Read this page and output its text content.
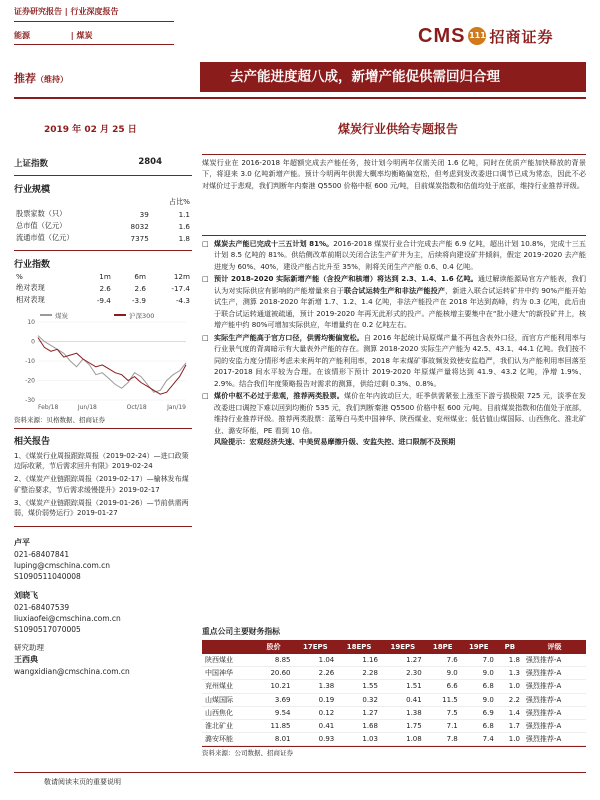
证券研究报告 | 行业深度报告
能源	| 煤炭	CMS 111 招商证券
推荐（维持）	去产能进度超八成，新增产能促供需回归合理
2019 年 02 月 25 日	煤炭行业供给专题报告
上证指数	2804
行业规模
		占比%
股票家数（只）	39	1.1
总市值（亿元）	8032	1.6
流通市值（亿元）	7375	1.8
行业指数
%	1m	6m	12m
绝对表现	2.6	2.6	-17.4
相对表现	-9.4	-3.9	-4.3
10
0
-10
-20
-30
煤炭	沪深300
Feb/18	Jun/18	Oct/18	Jan/19
资料来源：贝格数据、招商证券
相关报告
1、《煤炭行业周报跟踪周报（2019-02-24）—进口政策边际收紧，节后需求回升有限》2019-02-24
2、《煤炭产业链跟踪周报（2019-02-17）—榆林发布煤矿整治要求，节后需求缓慢提升》2019-02-17
3、《煤炭产业链跟踪周报（2019-01-26）—节前供需两弱，煤价弱势运行》2019-01-27
卢平
021-68407841
luping@cmschina.com.cn
S1090511040008
刘晓飞
021-68407539
liuxiaofei@cmschina.com.cn
S1090517070005
研究助理
王西典
wangxidian@cmschina.com.cn
煤炭行业在 2016-2018 年超额完成去产能任务，按计划今明两年仅需关闭 1.6 亿吨，同时在优质产能加快释放的背景下，将迎来 3.0 亿吨新增产能。预计今明两年供需大概率均衡略偏宽松，但考虑到发改委进口调节已成为常态，因此不必对煤价过于悲观，我们判断年内秦港 Q5500 价格中枢 600 元/吨，目前煤炭指数和估值均处于底部，维持行业推荐评级。
□ 煤炭去产能已完成十三五计划 81%。2016-2018 煤炭行业合计完成去产能 6.9 亿吨，超出计划 10.8%，完成十三五计划 8.5 亿吨的 81%。供给侧改革前期以关闭合法生产矿井为主，后续将向建设矿井倾斜，假定 2019-2020 去产能进度为 60%、40%，建设产能占比升至 35%，则将关闭生产产能 0.6、0.4 亿吨。
□ 预计 2018-2020 实际新增产能（含投产和核增）将达到 2.3、1.4、1.6 亿吨。通过解读能源局官方产能表，我们认为对实际供应有影响的产能增量来自于联合试运转生产和非法产能投产，新进入联合试运转矿井中约 90%产能开始试生产，测算 2018-2020 年新增 1.7、1.2、1.4 亿吨，非法产能投产在 2018 年达到高峰，约为 0.3 亿吨，此后由于联合试运转通道被疏通，预计 2019-2020 年再无此形式的投产。产能核增主要集中在“批小建大”的新投矿井上，核增产能中约 80%可增加实际供应，年增量约在 0.2 亿吨左右。
□ 实际生产产能高于官方口径，供需均衡偏宽松。自 2016 年起统计局原煤产量不再包含表外口径，而官方产能利用率与行业景气度的背离暗示有大量表外产能的存在。测算 2018-2020 实际生产产能为 42.5、43.1、44.1 亿吨。我们按不同的安监力度分情形考虑未来两年的产能利用率，2018 年末煤矿事故频发致使安监趋严，我们认为产能利用率回落至 2017-2018 间水平较为合理。在该情形下预计 2019-2020 年原煤产量将达到 41.9、43.2 亿吨，净增 1.9%、2.9%。结合我们年度策略报告对需求的测算，供给过剩 0.3%、0.8%。
□ 煤价中枢不必过于悲观，推荐两类股票。煤价在年内波动巨大，旺季供需紧张上涨至下游亏损极限 725 元，淡季在发改委进口调控下难以回到均衡价 535 元，我们判断秦港 Q5500 价格中枢 600 元/吨。目前煤炭指数和估值处于底部，维持行业推荐评级。推荐两类股票：蓝筹白马类中国神华、陕西煤业、兖州煤业；低估值山煤国际、山西焦化、淮北矿业、潞安环能，PE 看到 10 倍。
风险提示：宏观经济失速、中美贸易摩擦升级、安监失控、进口限制不及预期
重点公司主要财务指标
	股价	17EPS	18EPS	19EPS	18PE	19PE	PB	评级
陕西煤业	8.85	1.04	1.16	1.27	7.6	7.0	1.8	强烈推荐-A
中国神华	20.60	2.26	2.28	2.30	9.0	9.0	1.3	强烈推荐-A
兖州煤业	10.21	1.38	1.55	1.51	6.6	6.8	1.0	强烈推荐-A
山煤国际	3.69	0.19	0.32	0.41	11.5	9.0	2.2	强烈推荐-A
山西焦化	9.54	0.12	1.27	1.38	7.5	6.9	1.4	强烈推荐-A
淮北矿业	11.85	0.41	1.68	1.75	7.1	6.8	1.7	强烈推荐-A
潞安环能	8.01	0.93	1.03	1.08	7.8	7.4	1.0	强烈推荐-A
资料来源：公司数据、招商证券
敬请阅读末页的重要说明
